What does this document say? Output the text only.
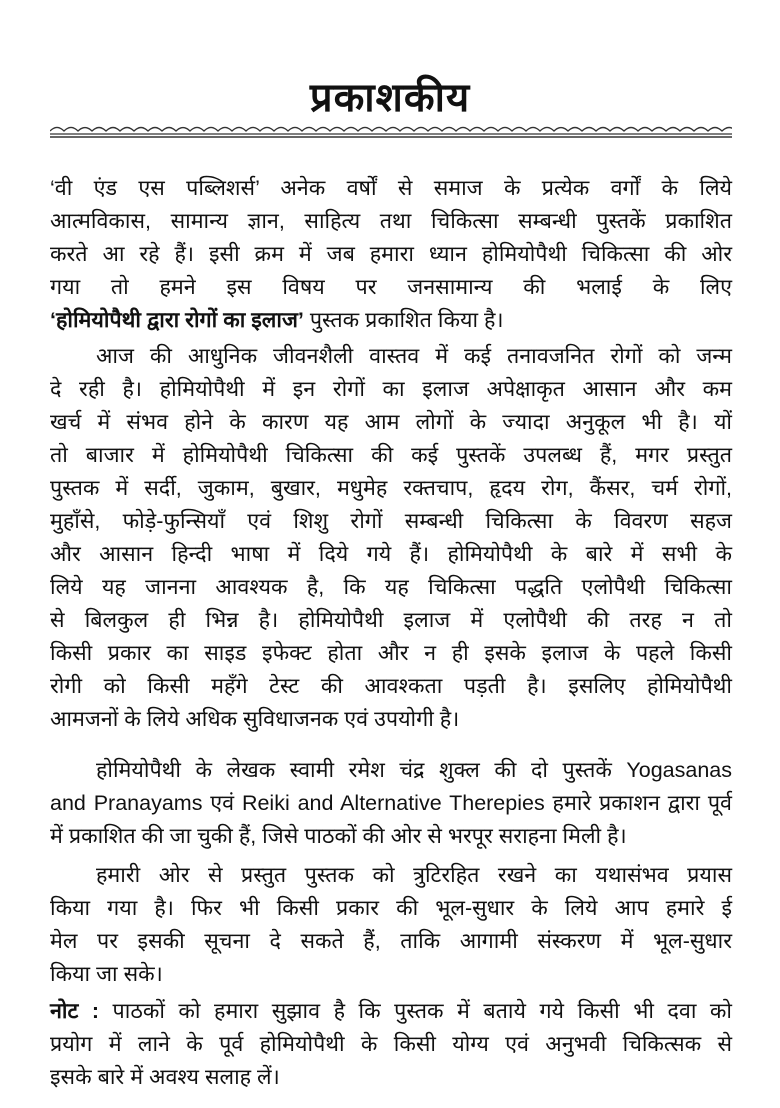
प्रकाशकीय
‘वी एंड एस पब्लिशर्स’ अनेक वर्षों से समाज के प्रत्येक वर्गों के लिये
आत्मविकास, सामान्य ज्ञान, साहित्य तथा चिकित्सा सम्बन्धी पुस्तकें प्रकाशित
करते आ रहे हैं। इसी क्रम में जब हमारा ध्यान होमियोपैथी चिकित्सा की ओर
गया तो हमने इस विषय पर जनसामान्य की भलाई के लिए
‘होमियोपैथी द्वारा रोगों का इलाज’ पुस्तक प्रकाशित किया है।
आज की आधुनिक जीवनशैली वास्तव में कई तनावजनित रोगों को जन्म
दे रही है। होमियोपैथी में इन रोगों का इलाज अपेक्षाकृत आसान और कम
खर्च में संभव होने के कारण यह आम लोगों के ज्यादा अनुकूल भी है। यों
तो बाजार में होमियोपैथी चिकित्सा की कई पुस्तकें उपलब्ध हैं, मगर प्रस्तुत
पुस्तक में सर्दी, जुकाम, बुखार, मधुमेह रक्तचाप, हृदय रोग, कैंसर, चर्म रोगों,
मुहाँसे, फोड़े-फुन्सियाँ एवं शिशु रोगों सम्बन्धी चिकित्सा के विवरण सहज
और आसान हिन्दी भाषा में दिये गये हैं। होमियोपैथी के बारे में सभी के
लिये यह जानना आवश्यक है, कि यह चिकित्सा पद्धति एलोपैथी चिकित्सा
से बिलकुल ही भिन्न है। होमियोपैथी इलाज में एलोपैथी की तरह न तो
किसी प्रकार का साइड इफेक्ट होता और न ही इसके इलाज के पहले किसी
रोगी को किसी महँगे टेस्ट की आवश्कता पड़ती है। इसलिए होमियोपैथी
आमजनों के लिये अधिक सुविधाजनक एवं उपयोगी है।
होमियोपैथी के लेखक स्वामी रमेश चंद्र शुक्ल की दो पुस्तकें Yogasanas
and Pranayams एवं Reiki and Alternative Therepies हमारे प्रकाशन द्वारा पूर्व
में प्रकाशित की जा चुकी हैं, जिसे पाठकों की ओर से भरपूर सराहना मिली है।
हमारी ओर से प्रस्तुत पुस्तक को त्रुटिरहित रखने का यथासंभव प्रयास
किया गया है। फिर भी किसी प्रकार की भूल-सुधार के लिये आप हमारे ई
मेल पर इसकी सूचना दे सकते हैं, ताकि आगामी संस्करण में भूल-सुधार
किया जा सके।
नोट : पाठकों को हमारा सुझाव है कि पुस्तक में बताये गये किसी भी दवा को
प्रयोग में लाने के पूर्व होमियोपैथी के किसी योग्य एवं अनुभवी चिकित्सक से
इसके बारे में अवश्य सलाह लें।
